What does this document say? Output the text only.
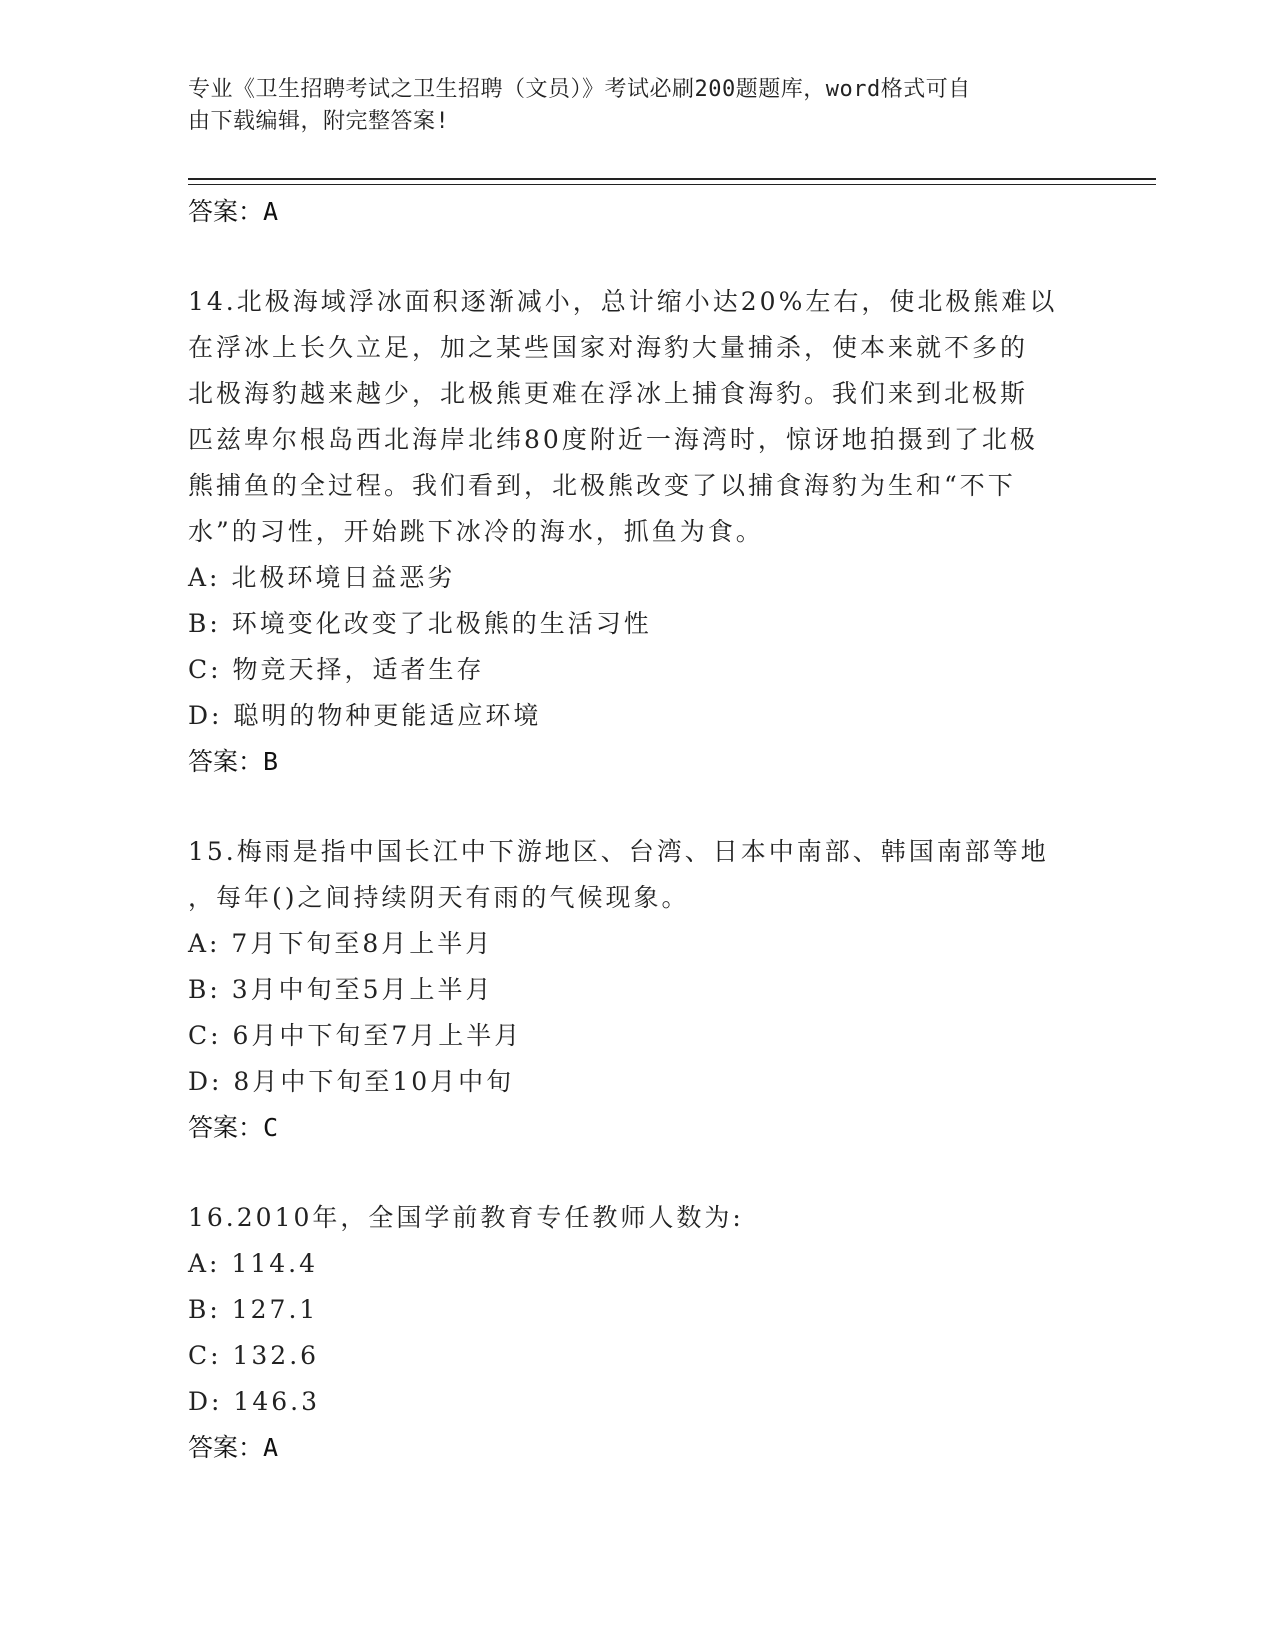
专业《卫生招聘考试之卫生招聘（文员）》考试必刷200题题库，word格式可自
由下载编辑，附完整答案!
答案：A
14.北极海域浮冰面积逐渐减小，总计缩小达20%左右，使北极熊难以
在浮冰上长久立足，加之某些国家对海豹大量捕杀，使本来就不多的
北极海豹越来越少，北极熊更难在浮冰上捕食海豹。我们来到北极斯
匹兹卑尔根岛西北海岸北纬80度附近一海湾时，惊讶地拍摄到了北极
熊捕鱼的全过程。我们看到，北极熊改变了以捕食海豹为生和“不下
水”的习性，开始跳下冰冷的海水，抓鱼为食。
A: 北极环境日益恶劣
B: 环境变化改变了北极熊的生活习性
C: 物竞天择，适者生存
D: 聪明的物种更能适应环境
答案：B
15.梅雨是指中国长江中下游地区、台湾、日本中南部、韩国南部等地
，每年()之间持续阴天有雨的气候现象。
A: 7月下旬至8月上半月
B: 3月中旬至5月上半月
C: 6月中下旬至7月上半月
D: 8月中下旬至10月中旬
答案：C
16.2010年，全国学前教育专任教师人数为:
A: 114.4
B: 127.1
C: 132.6
D: 146.3
答案：A
